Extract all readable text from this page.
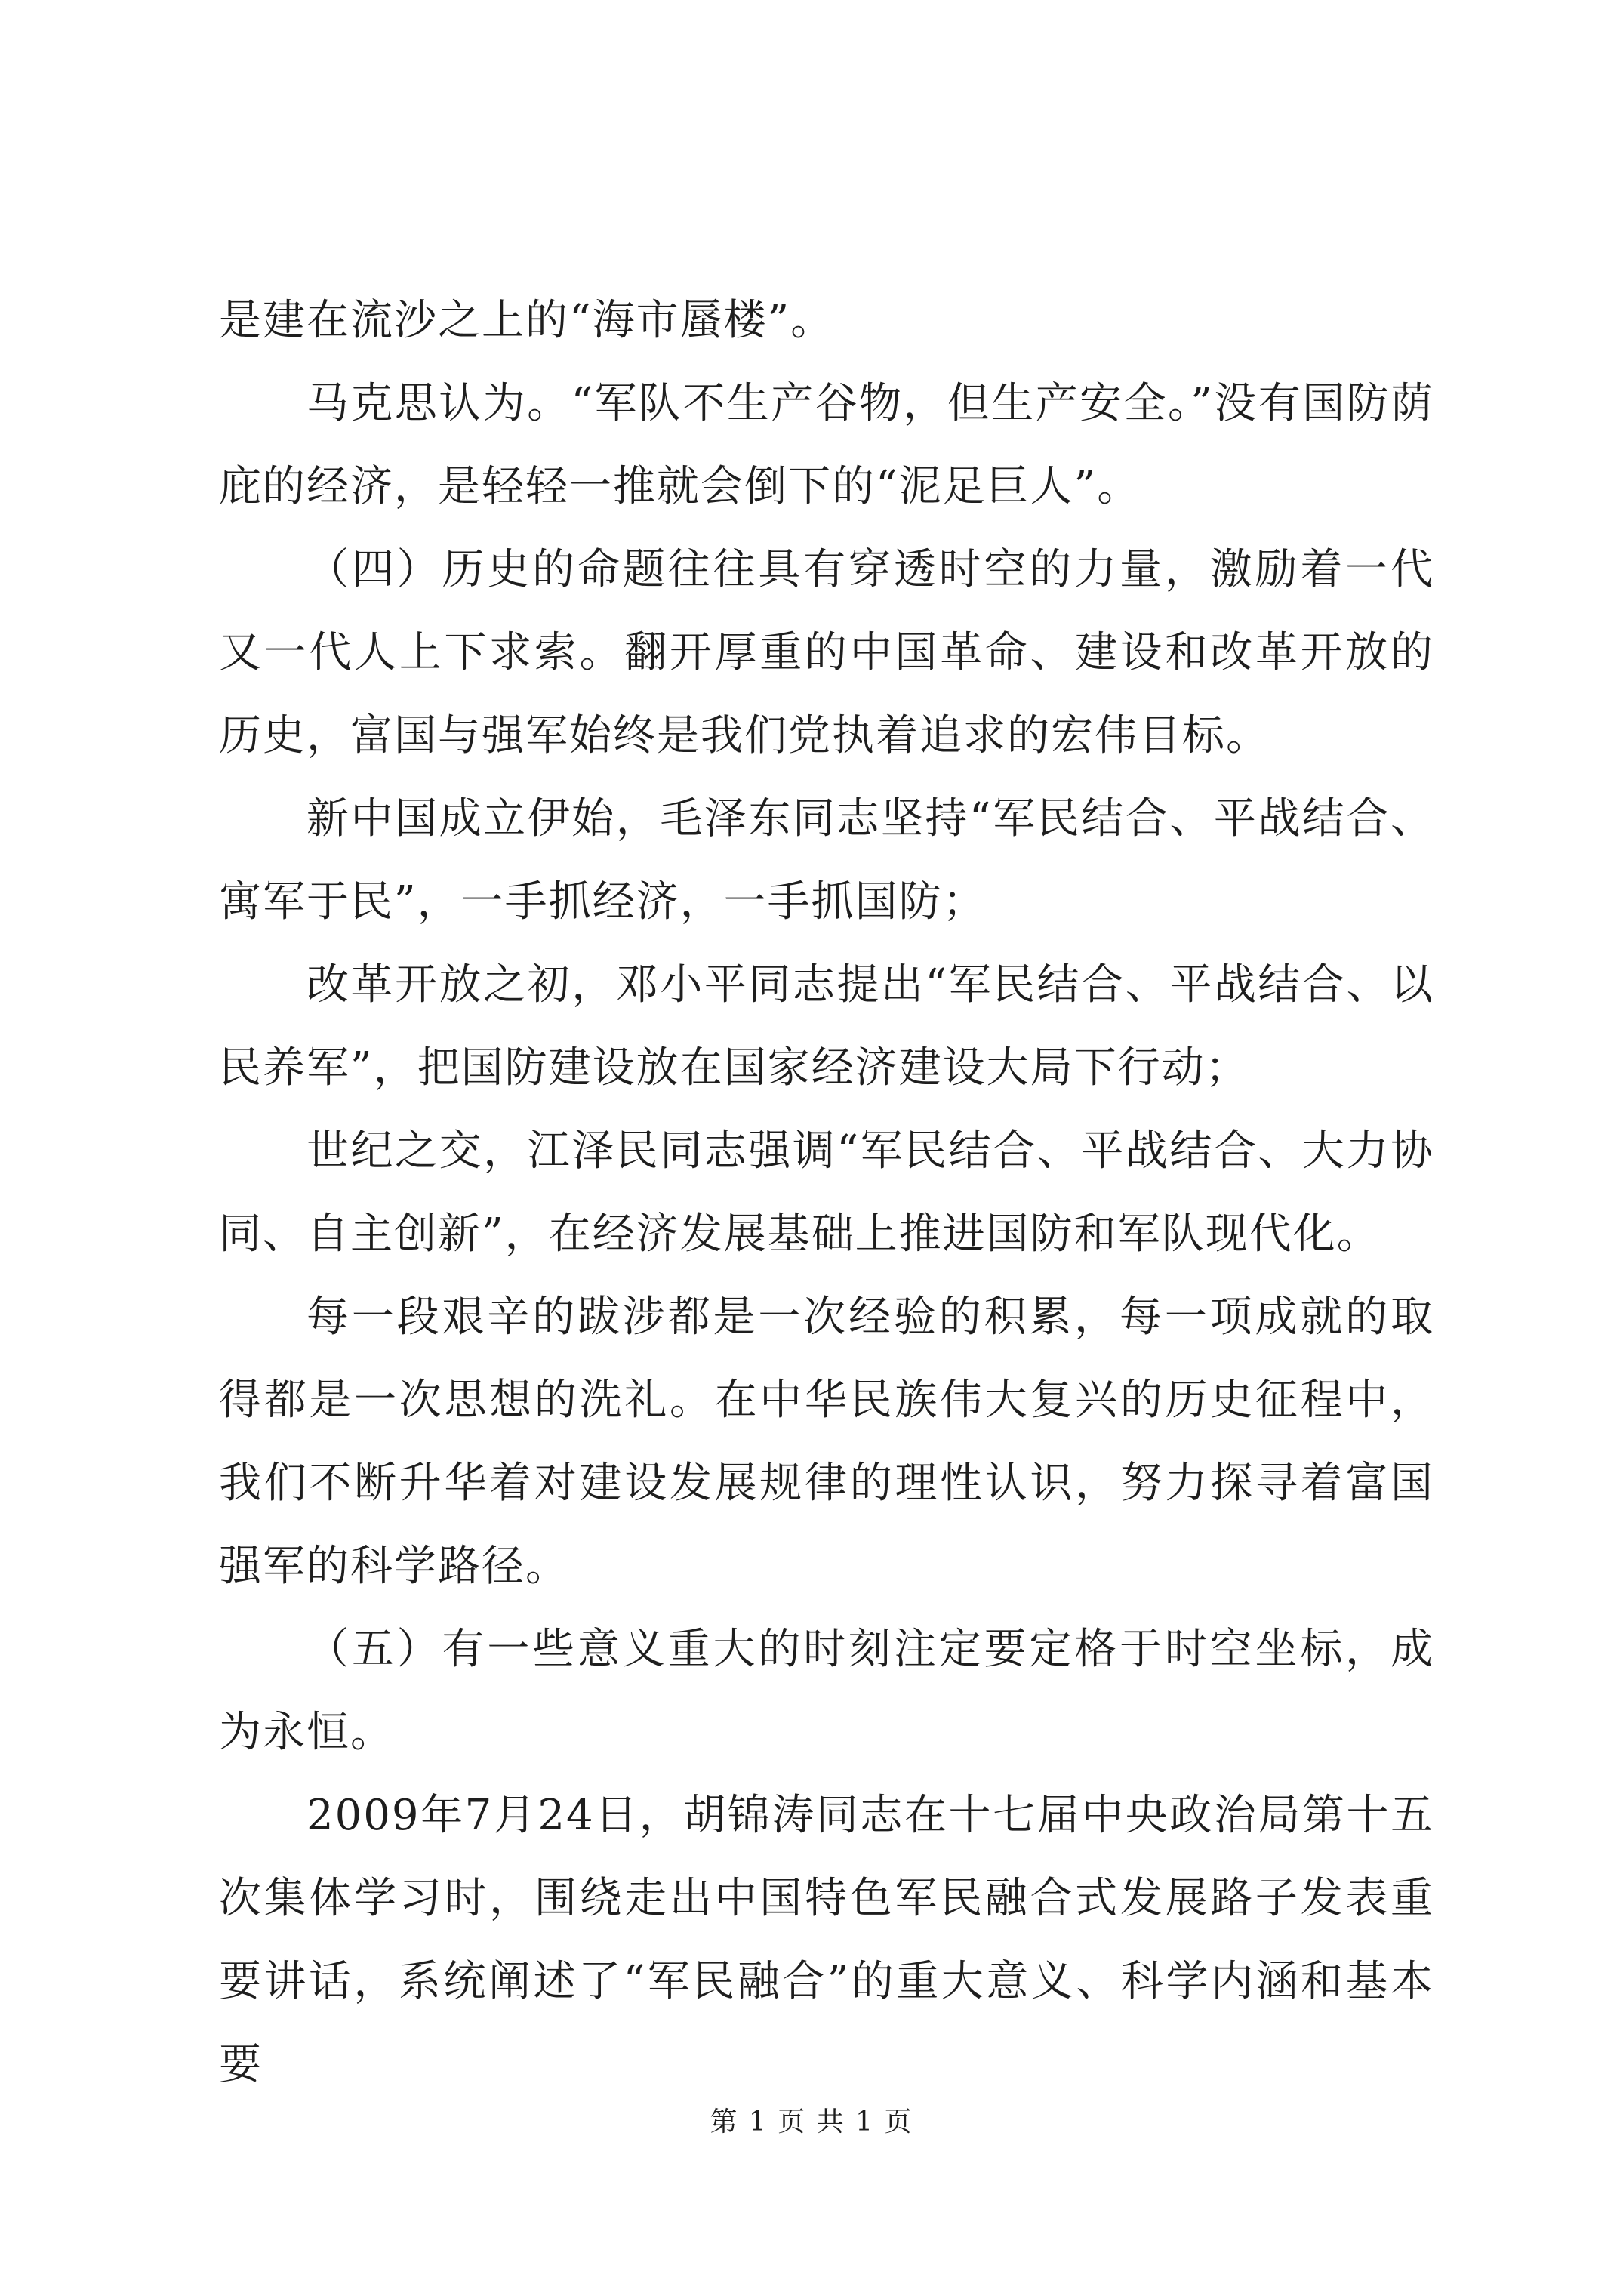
是建在流沙之上的“海市蜃楼”。

马克思认为。“军队不生产谷物，但生产安全。”没有国防荫庇的经济，是轻轻一推就会倒下的“泥足巨人”。

（四）历史的命题往往具有穿透时空的力量，激励着一代又一代人上下求索。翻开厚重的中国革命、建设和改革开放的历史，富国与强军始终是我们党执着追求的宏伟目标。

新中国成立伊始，毛泽东同志坚持“军民结合、平战结合、寓军于民”，一手抓经济，一手抓国防；

改革开放之初，邓小平同志提出“军民结合、平战结合、以民养军”，把国防建设放在国家经济建设大局下行动；

世纪之交，江泽民同志强调“军民结合、平战结合、大力协同、自主创新”，在经济发展基础上推进国防和军队现代化。

每一段艰辛的跋涉都是一次经验的积累，每一项成就的取得都是一次思想的洗礼。在中华民族伟大复兴的历史征程中，我们不断升华着对建设发展规律的理性认识，努力探寻着富国强军的科学路径。

（五）有一些意义重大的时刻注定要定格于时空坐标，成为永恒。

2009年7月24日，胡锦涛同志在十七届中央政治局第十五次集体学习时，围绕走出中国特色军民融合式发展路子发表重要讲话，系统阐述了“军民融合”的重大意义、科学内涵和基本要

第 1 页 共 1 页
